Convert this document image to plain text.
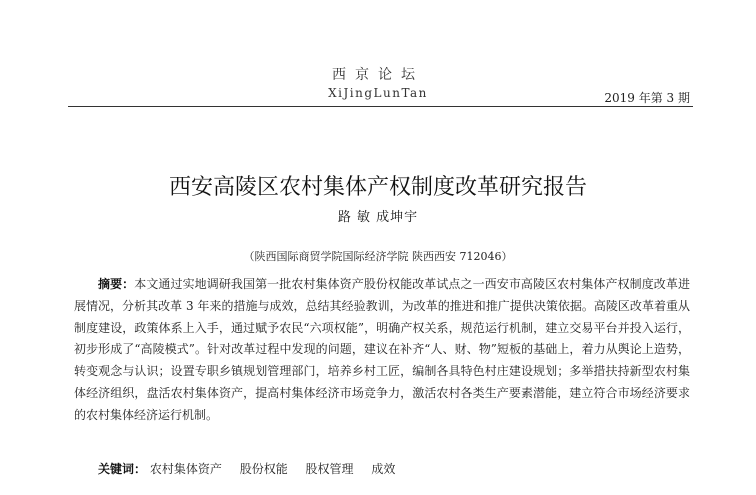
西京论坛
XiJingLunTan	2019 年第 3 期
西安高陵区农村集体产权制度改革研究报告
路 敏 成坤宇
（陕西国际商贸学院国际经济学院 陕西西安 712046）
摘要：本文通过实地调研我国第一批农村集体资产股份权能改革试点之一西安市高陵区农村集体产权制度改革进展情况，分析其改革 3 年来的措施与成效，总结其经验教训，为改革的推进和推广提供决策依据。高陵区改革着重从制度建设，政策体系上入手，通过赋予农民“六项权能”，明确产权关系，规范运行机制，建立交易平台并投入运行，初步形成了“高陵模式”。针对改革过程中发现的问题，建议在补齐“人、财、物”短板的基础上，着力从舆论上造势，转变观念与认识；设置专职乡镇规划管理部门，培养乡村工匠，编制各具特色村庄建设规划；多举措扶持新型农村集体经济组织，盘活农村集体资产，提高村集体经济市场竞争力，激活农村各类生产要素潜能，建立符合市场经济要求的农村集体经济运行机制。
关键词： 农村集体资产 股份权能 股权管理 成效
